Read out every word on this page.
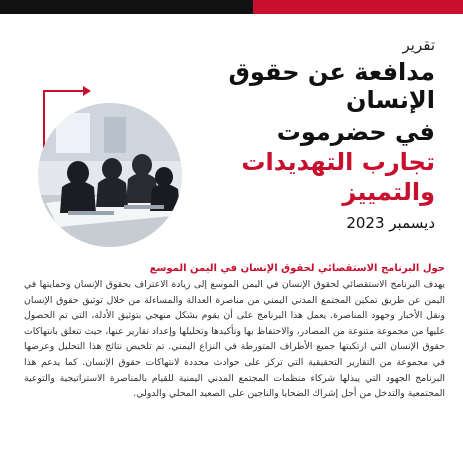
تقرير
مدافعة عن حقوق الإنسان
في حضرموت
تجارب التهديدات
والتمييز
ديسمبر 2023
حول البرنامج الاستقصائي لحقوق الإنسان في اليمن الموسع

يهدف البرنامج الاستقصائي لحقوق الإنسان في اليمن الموسع إلى زيادة الاعتراف بحقوق الإنسان وحمايتها في اليمن عن طريق تمكين المجتمع المدني اليمني من مناصرة العدالة والمساءلة من خلال توثيق حقوق الإنسان ونقل الأخبار وجهود المناصرة. يعمل هذا البرنامج على أن يقوم بشكل منهجي بتوثيق الأدلة، التي تم الحصول عليها من مجموعة متنوعة من المصادر، والاحتفاظ بها وتأكيدها وتحليلها وإعداد تقارير عنها، حيث تتعلق بانتهاكات حقوق الإنسان التي ارتكبتها جميع الأطراف المتورطة في النزاع اليمني. تم تلخيص نتائج هذا التحليل وعرضها في مجموعة من التقارير التحقيقية التي تركز على حوادث محددة لانتهاكات حقوق الإنسان. كما يدعم هذا البرنامج الجهود التي يبذلها شركاء منظمات المجتمع المدني اليمنية للقيام بالمناصرة الاستراتيجية والتوعية المجتمعية والتدخل من أجل إشراك الضحايا والناجين على الصعيد المحلي والدولي.
